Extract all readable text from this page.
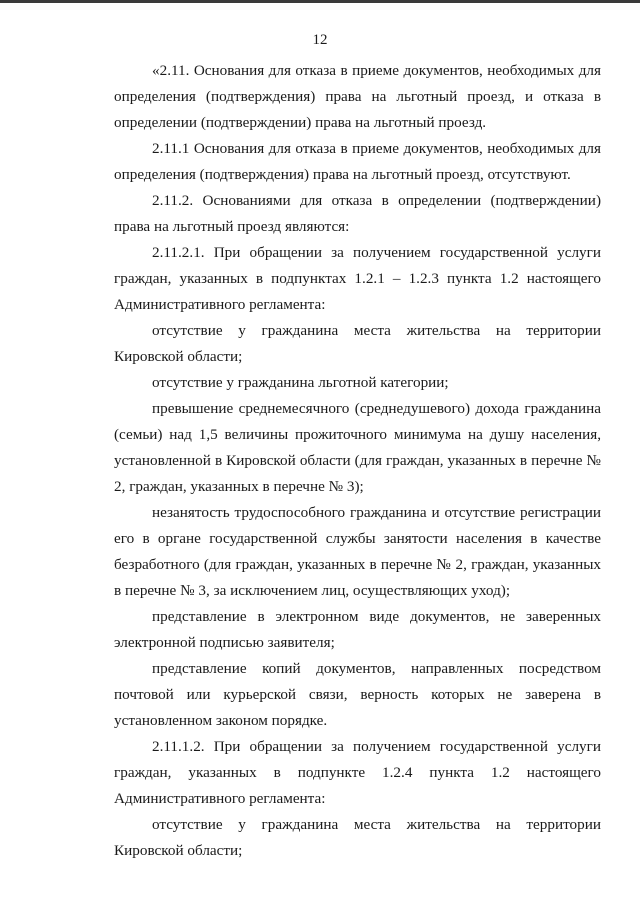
12

«2.11. Основания для отказа в приеме документов, необходимых для определения (подтверждения) права на льготный проезд, и отказа в определении (подтверждении) права на льготный проезд.

2.11.1 Основания для отказа в приеме документов, необходимых для определения (подтверждения) права на льготный проезд, отсутствуют.

2.11.2. Основаниями для отказа в определении (подтверждении) права на льготный проезд являются:

2.11.2.1. При обращении за получением государственной услуги граждан, указанных в подпунктах 1.2.1 – 1.2.3 пункта 1.2 настоящего Административного регламента:

отсутствие у гражданина места жительства на территории Кировской области;

отсутствие у гражданина льготной категории;

превышение среднемесячного (среднедушевого) дохода гражданина (семьи) над 1,5 величины прожиточного минимума на душу населения, установленной в Кировской области (для граждан, указанных в перечне № 2, граждан, указанных в перечне № 3);

незанятость трудоспособного гражданина и отсутствие регистрации его в органе государственной службы занятости населения в качестве безработного (для граждан, указанных в перечне № 2, граждан, указанных в перечне № 3, за исключением лиц, осуществляющих уход);

представление в электронном виде документов, не заверенных электронной подписью заявителя;

представление копий документов, направленных посредством почтовой или курьерской связи, верность которых не заверена в установленном законом порядке.

2.11.1.2. При обращении за получением государственной услуги граждан, указанных в подпункте 1.2.4 пункта 1.2 настоящего Административного регламента:

отсутствие у гражданина места жительства на территории Кировской области;
